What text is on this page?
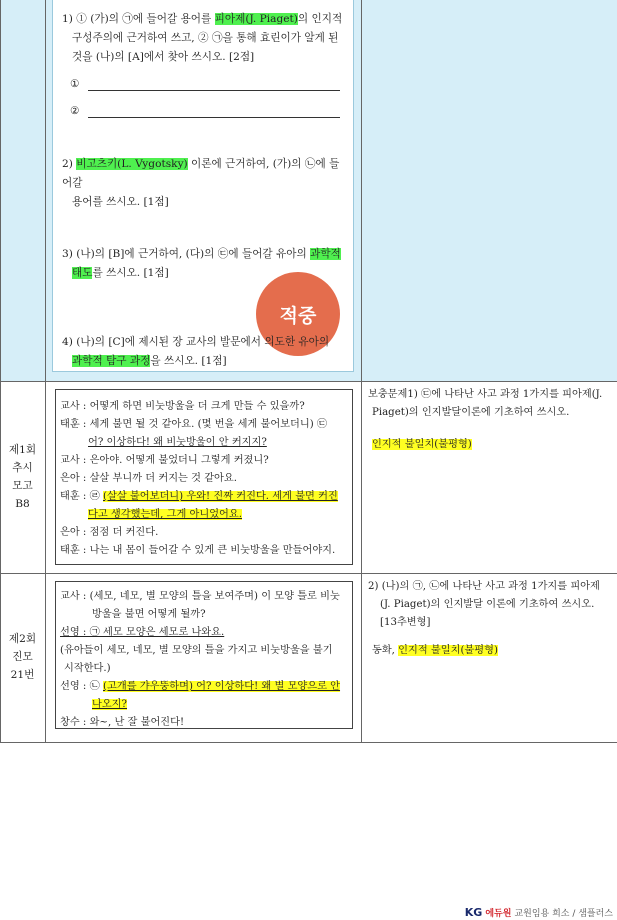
1) ① (가)의 ㉠에 들어갈 용어를 피아제(J. Piaget)의 인지적
구성주의에 근거하여 쓰고, ② ㉠을 통해 효린이가 알게 된
것을 (나)의 [A]에서 찾아 쓰시오. [2점]
①
②
2) 비고츠키(L. Vygotsky) 이론에 근거하여, (가)의 ㉡에 들어갈
용어를 쓰시오. [1점]
3) (나)의 [B]에 근거하여, (다)의 ㉢에 들어갈 유아의 과학적
태도를 쓰시오. [1점]
적중
4) (나)의 [C]에 제시된 장 교사의 발문에서 의도한 유아의
과학적 탐구 과정을 쓰시오. [1점]
제1회
추시
모고
B8
교사 : 어떻게 하면 비눗방울을 더 크게 만들 수 있을까?
태훈 : 세게 불면 될 것 같아요. (몇 번을 세게 불어보더니) ㉢
어? 이상하다! 왜 비눗방울이 안 커지지?
교사 : 은아야. 어떻게 불었더니 그렇게 커졌니?
은아 : 살살 부니까 더 커지는 것 같아요.
태훈 : ㉣ (살살 불어보더니) 우와! 진짜 커진다. 세게 불면 커진
다고 생각했는데, 그게 아니었어요.
은아 : 점점 더 커진다.
태훈 : 나는 내 몸이 들어갈 수 있게 큰 비눗방울을 만들어야지.
보충문제1) ㉢에 나타난 사고 과정 1가지를 피아제(J.
Piaget)의 인지발달이론에 기초하여 쓰시오.
인지적 불일치(불평형)
제2회
진모
21번
교사 : (세모, 네모, 별 모양의 틀을 보여주며) 이 모양 틀로 비눗
방울을 불면 어떻게 될까?
선영 : ㉠ 세모 모양은 세모로 나와요.
(유아들이 세모, 네모, 별 모양의 틀을 가지고 비눗방울을 불기
시작한다.)
선영 : ㉡ (고개를 갸우뚱하며) 어? 이상하다! 왜 별 모양으로 안
나오지?
창수 : 와~, 난 잘 불어진다!
2) (나)의 ㉠, ㉡에 나타난 사고 과정 1가지를 피아제
(J. Piaget)의 인지발달 이론에 기초하여 쓰시오.
[13추변형]
동화, 인지적 불일치(불평형)
KG 에듀원 교원임용 희소 / 샘플러스
